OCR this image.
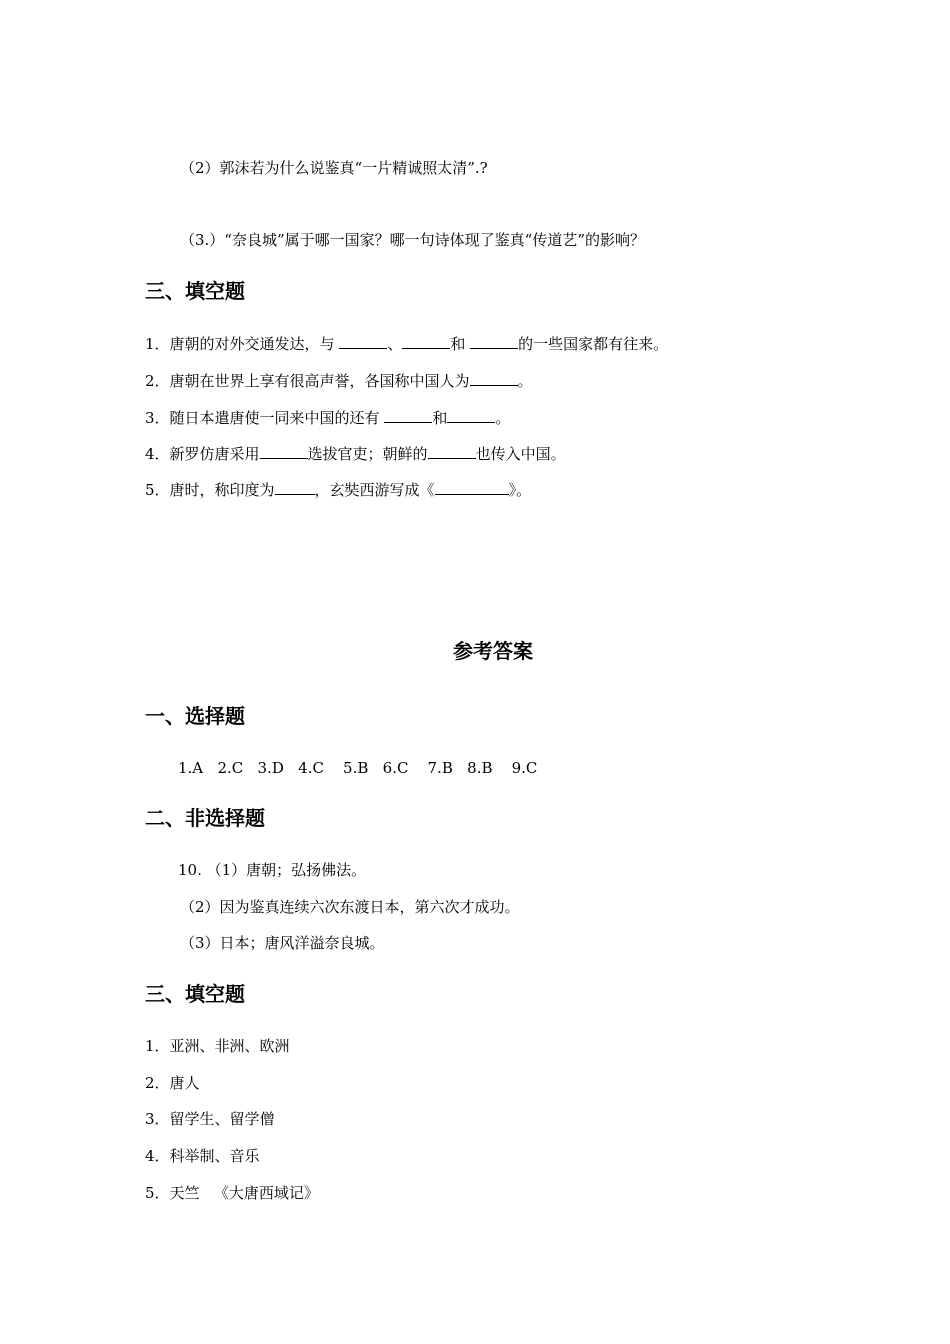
（2）郭沫若为什么说鉴真“一片精诚照太清”.?
（3.）“奈良城”属于哪一国家？哪一句诗体现了鉴真“传道艺”的影响？
三、填空题
1．唐朝的对外交通发达，与	、	和	的一些国家都有往来。
2．唐朝在世界上享有很高声誉，各国称中国人为	。
3．随日本遣唐使一同来中国的还有	和	。
4．新罗仿唐采用	选拔官吏；朝鲜的	也传入中国。
5．唐时，称印度为	，玄奘西游写成《	》。
参考答案
一、选择题
1.A   2.C   3.D   4.C    5.B   6.C    7.B   8.B    9.C
二、非选择题
10. （1）唐朝；弘扬佛法。
（2）因为鉴真连续六次东渡日本，第六次才成功。
（3）日本；唐风洋溢奈良城。
三、填空题
1．亚洲、非洲、欧洲
2．唐人
3．留学生、留学僧
4．科举制、音乐
5．天竺   《大唐西域记》
